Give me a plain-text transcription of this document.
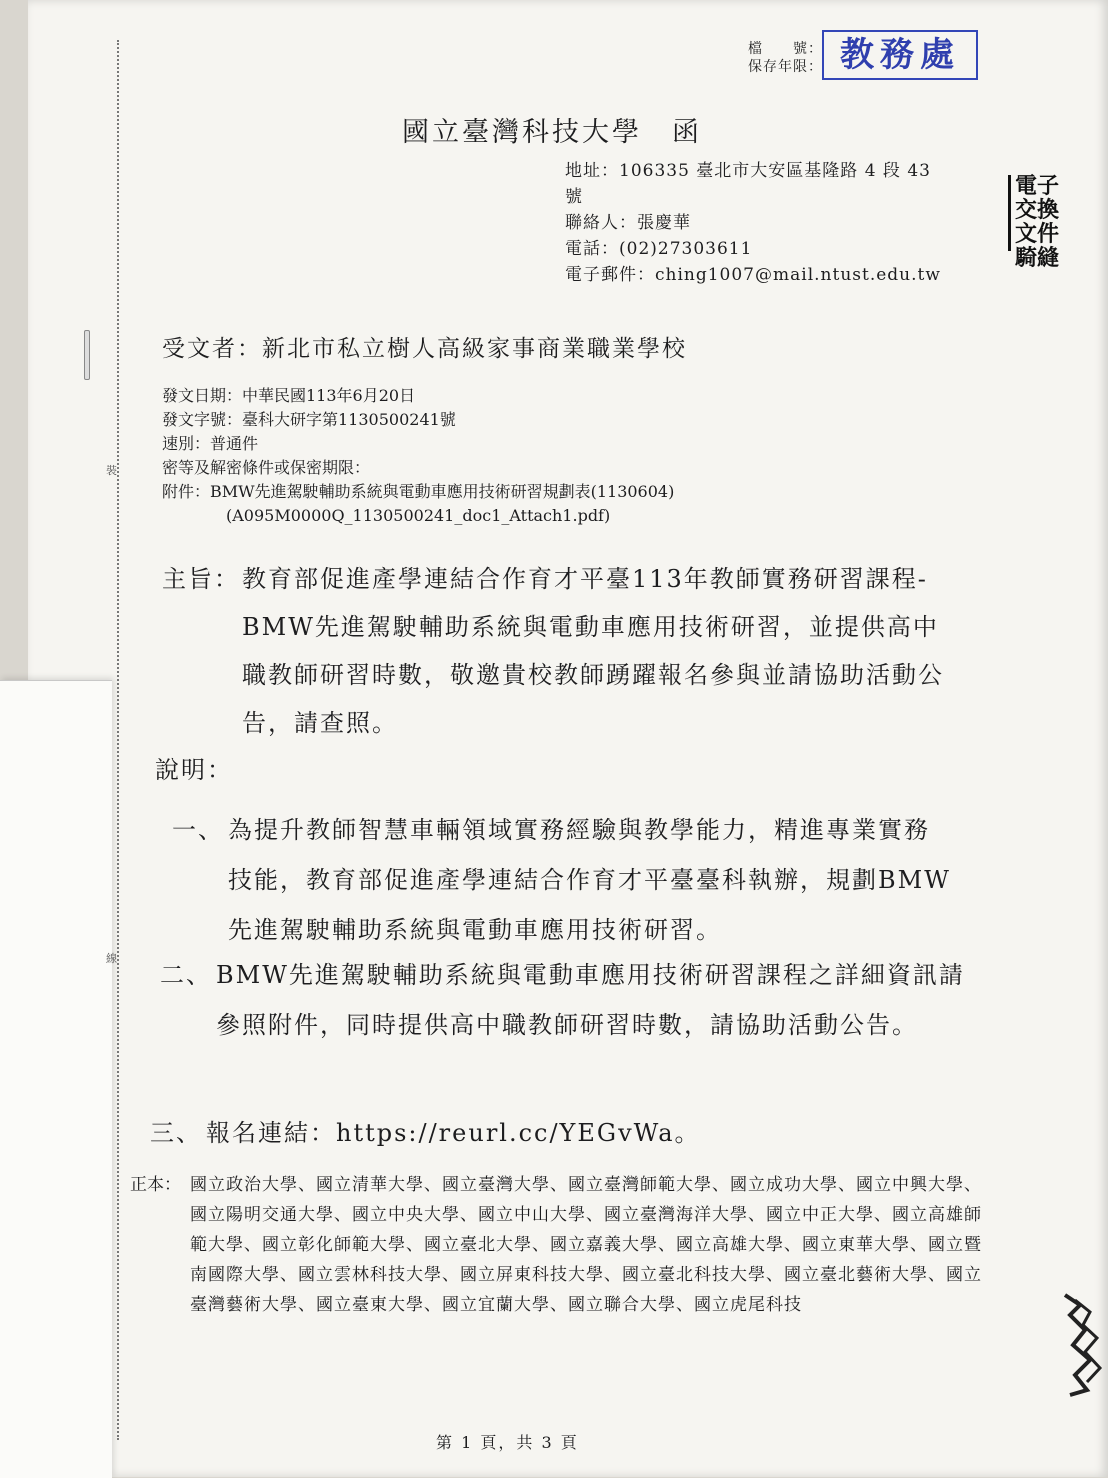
裝
線
檔　　號：
保存年限： 教務處
電子交換文件騎縫
國立臺灣科技大學　函
地址：106335 臺北市大安區基隆路 4 段 43 號
聯絡人：張慶華
電話：(02)27303611
電子郵件：ching1007@mail.ntust.edu.tw
受文者：新北市私立樹人高級家事商業職業學校
發文日期：中華民國113年6月20日
發文字號：臺科大研字第1130500241號
速別：普通件
密等及解密條件或保密期限：
附件：BMW先進駕駛輔助系統與電動車應用技術研習規劃表(1130604)
(A095M0000Q_1130500241_doc1_Attach1.pdf)
主旨： 教育部促進產學連結合作育才平臺113年教師實務研習課程-BMW先進駕駛輔助系統與電動車應用技術研習，並提供高中職教師研習時數，敬邀貴校教師踴躍報名參與並請協助活動公告，請查照。
說明：
一、 為提升教師智慧車輛領域實務經驗與教學能力，精進專業實務技能，教育部促進產學連結合作育才平臺臺科執辦，規劃BMW先進駕駛輔助系統與電動車應用技術研習。
二、 BMW先進駕駛輔助系統與電動車應用技術研習課程之詳細資訊請參照附件，同時提供高中職教師研習時數，請協助活動公告。
三、 報名連結：https://reurl.cc/YEGvWa。
正本： 國立政治大學、國立清華大學、國立臺灣大學、國立臺灣師範大學、國立成功大學、國立中興大學、國立陽明交通大學、國立中央大學、國立中山大學、國立臺灣海洋大學、國立中正大學、國立高雄師範大學、國立彰化師範大學、國立臺北大學、國立嘉義大學、國立高雄大學、國立東華大學、國立暨南國際大學、國立雲林科技大學、國立屏東科技大學、國立臺北科技大學、國立臺北藝術大學、國立臺灣藝術大學、國立臺東大學、國立宜蘭大學、國立聯合大學、國立虎尾科技
第 1 頁，共 3 頁
